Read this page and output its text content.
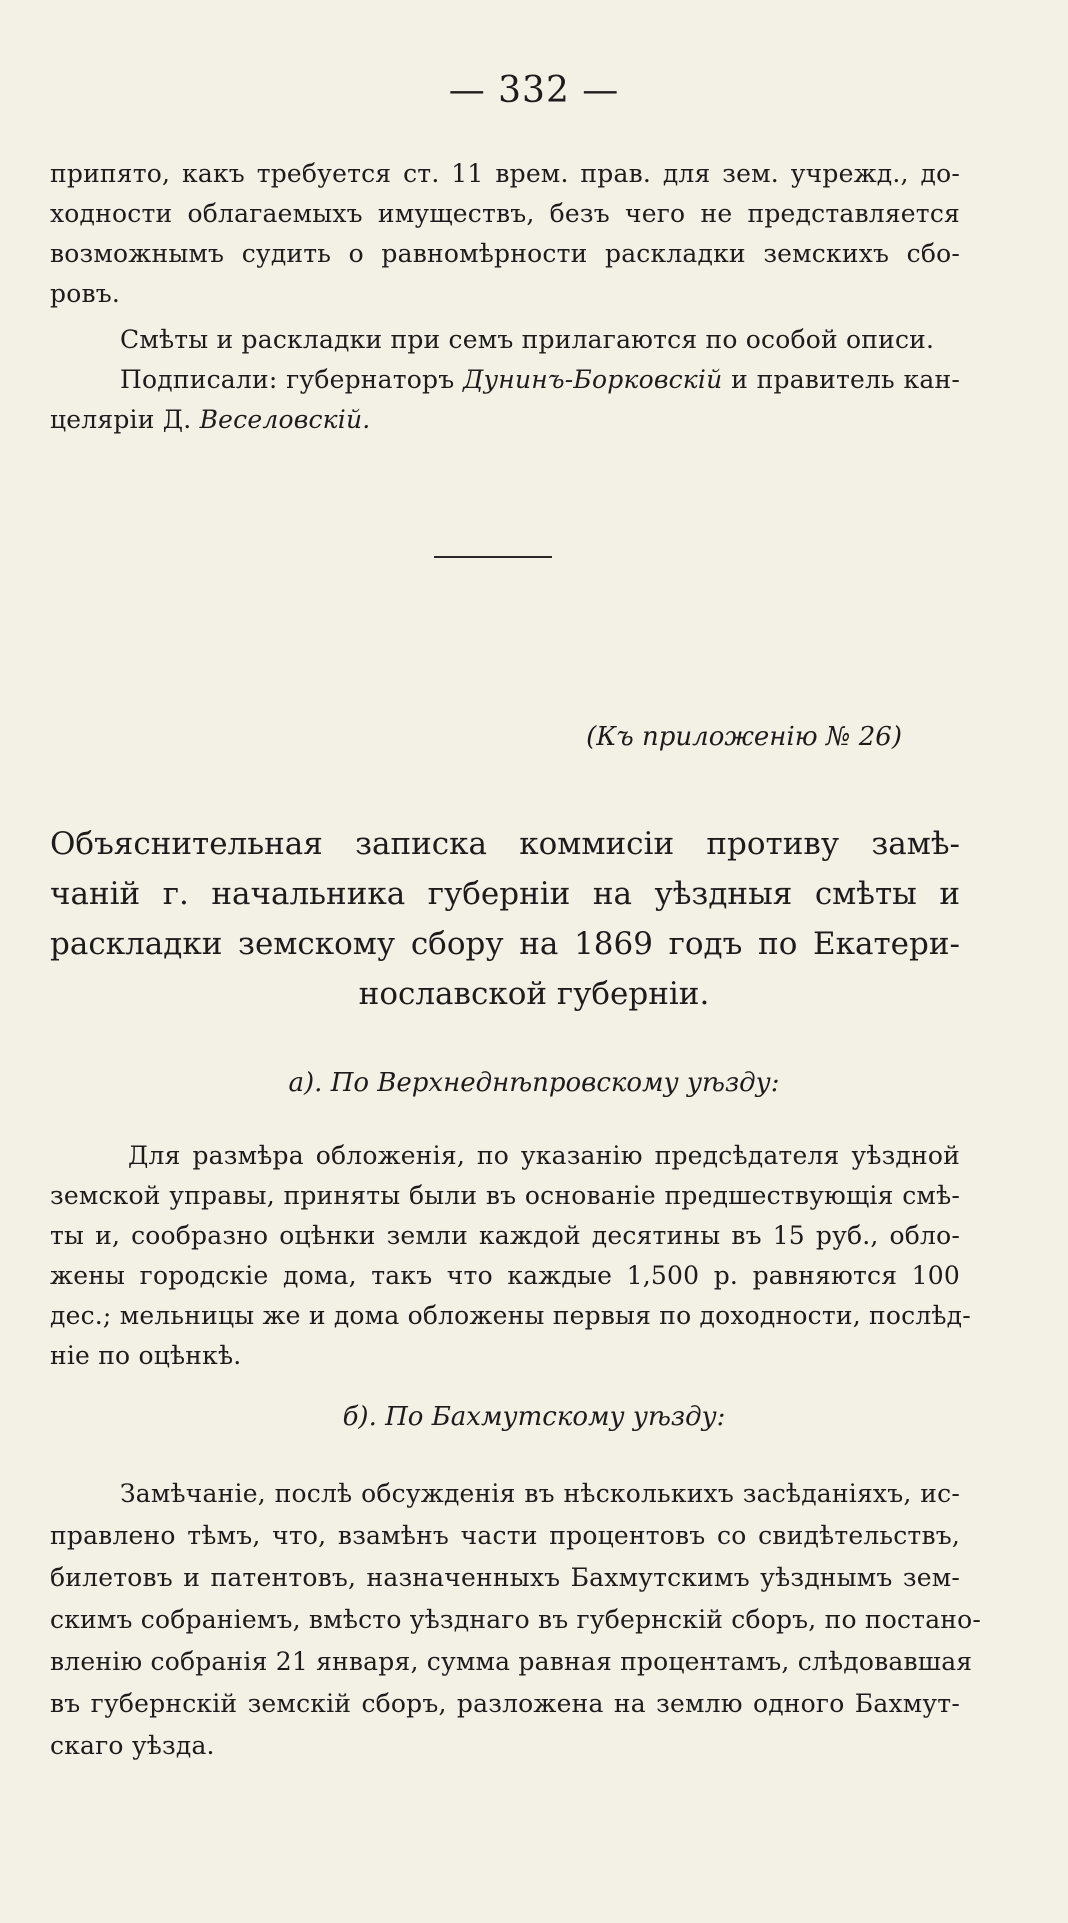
— 332 —
припято, какъ требуется ст. 11 врем. прав. для зем. учрежд., до-
ходности облагаемыхъ имуществъ, безъ чего не представляется
возможнымъ судить о равномѣрности раскладки земскихъ сбо-
ровъ.
Смѣты и раскладки при семъ прилагаются по особой описи.
Подписали: губернаторъ Дунинъ-Борковскій и правитель кан-
целяріи Д. Веселовскій.
(Къ приложенію № 26)
Объяснительная записка коммисіи противу замѣ-
чаній г. начальника губерніи на уѣздныя смѣты и
раскладки земскому сбору на 1869 годъ по Екатери-
нославской губерніи.
а). По Верхнеднѣпровскому уѣзду:
Для размѣра обложенія, по указанію предсѣдателя уѣздной
земской управы, приняты были въ основаніе предшествующія смѣ-
ты и, сообразно оцѣнки земли каждой десятины въ 15 руб., обло-
жены городскіе дома, такъ что каждые 1,500 р. равняются 100
дес.; мельницы же и дома обложены первыя по доходности, послѣд-
ніе по оцѣнкѣ.
б). По Бахмутскому уѣзду:
Замѣчаніе, послѣ обсужденія въ нѣсколькихъ засѣданіяхъ, ис-
правлено тѣмъ, что, взамѣнъ части процентовъ со свидѣтельствъ,
билетовъ и патентовъ, назначенныхъ Бахмутскимъ уѣзднымъ зем-
скимъ собраніемъ, вмѣсто уѣзднаго въ губернскій сборъ, по постано-
вленію собранія 21 января, сумма равная процентамъ, слѣдовавшая
въ губернскій земскій сборъ, разложена на землю одного Бахмут-
скаго уѣзда.
